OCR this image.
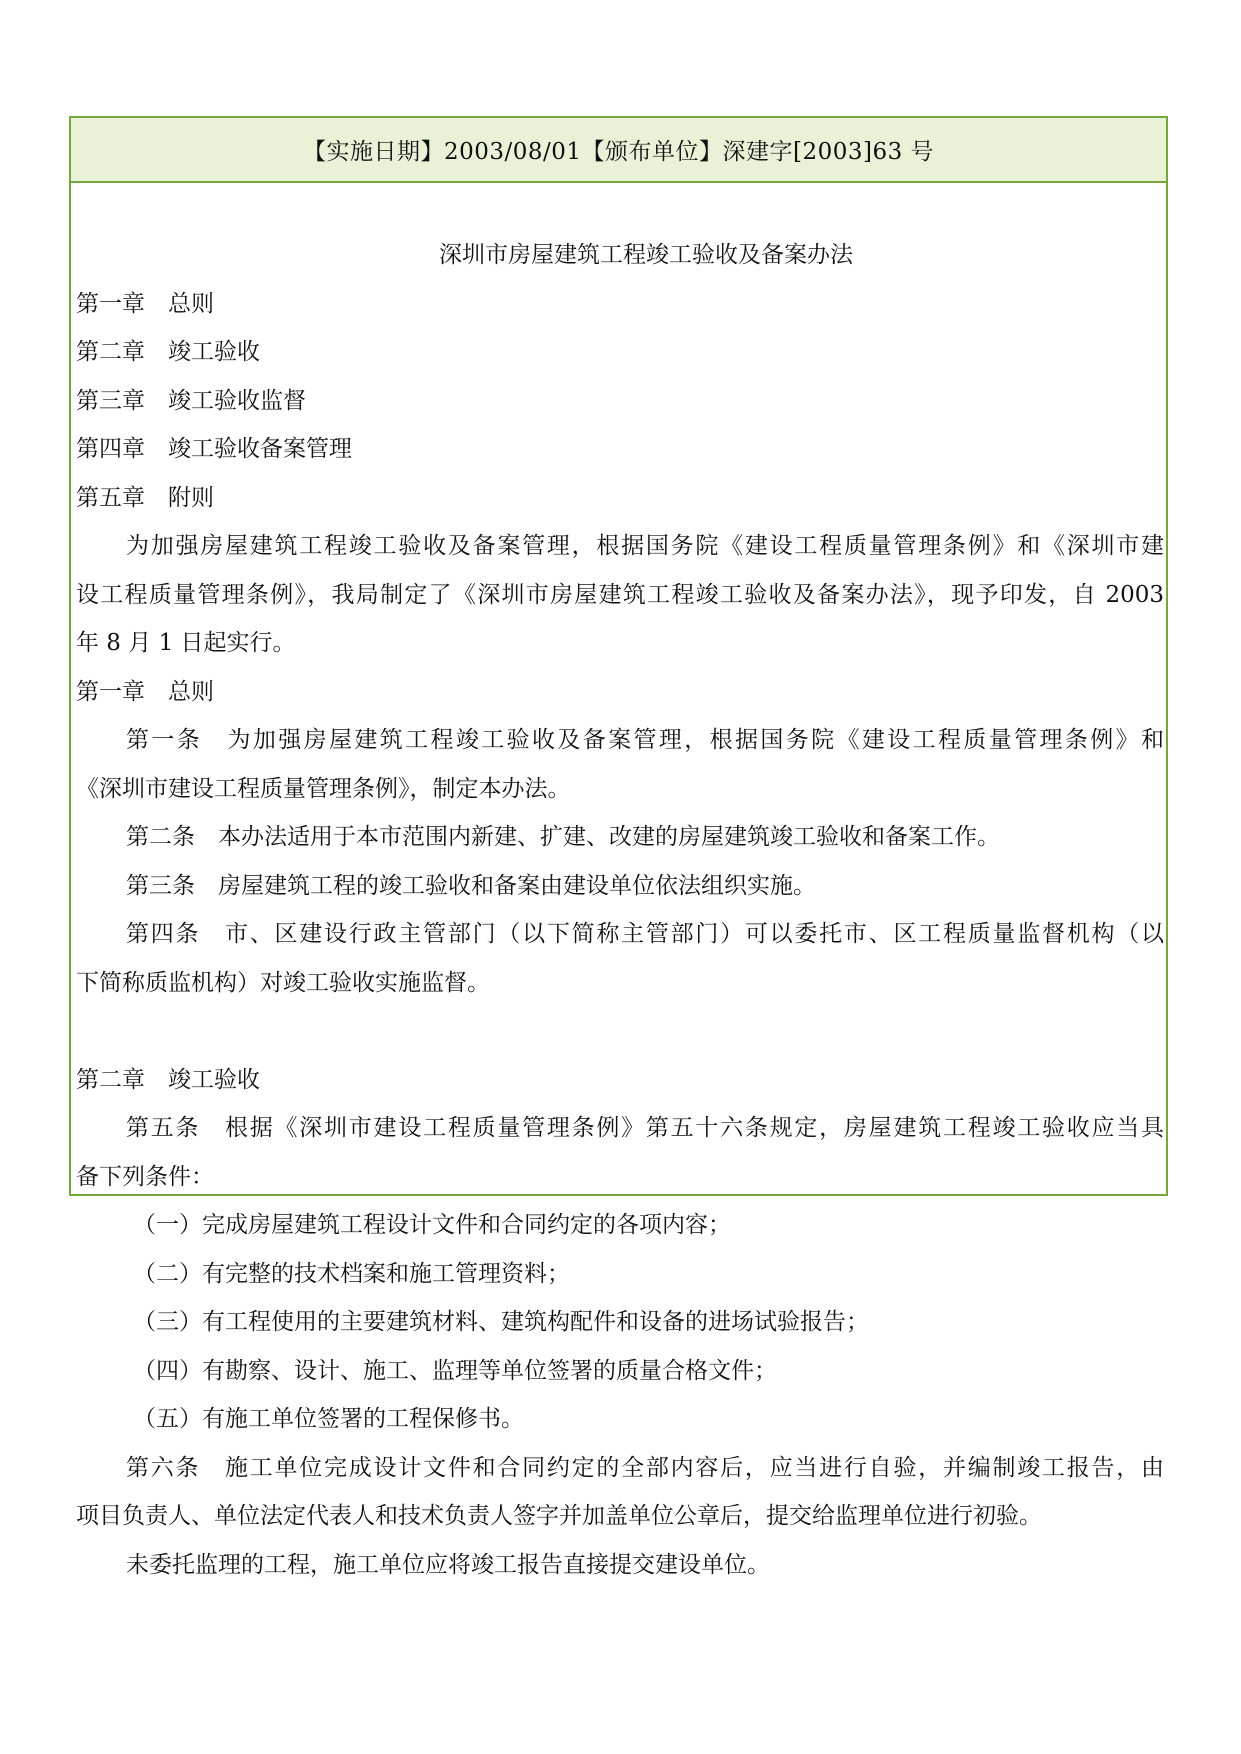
【实施日期】2003/08/01【颁布单位】深建字[2003]63 号
深圳市房屋建筑工程竣工验收及备案办法
第一章　总则
第二章　竣工验收
第三章　竣工验收监督
第四章　竣工验收备案管理
第五章　附则
为加强房屋建筑工程竣工验收及备案管理，根据国务院《建设工程质量管理条例》和《深圳市建
设工程质量管理条例》，我局制定了《深圳市房屋建筑工程竣工验收及备案办法》，现予印发，自 2003
年 8 月 1 日起实行。
第一章　总则
第一条　为加强房屋建筑工程竣工验收及备案管理，根据国务院《建设工程质量管理条例》和
《深圳市建设工程质量管理条例》，制定本办法。
第二条　本办法适用于本市范围内新建、扩建、改建的房屋建筑竣工验收和备案工作。
第三条　房屋建筑工程的竣工验收和备案由建设单位依法组织实施。
第四条　市、区建设行政主管部门（以下简称主管部门）可以委托市、区工程质量监督机构（以
下简称质监机构）对竣工验收实施监督。
第二章　竣工验收
第五条　根据《深圳市建设工程质量管理条例》第五十六条规定，房屋建筑工程竣工验收应当具
备下列条件：
（一）完成房屋建筑工程设计文件和合同约定的各项内容；
（二）有完整的技术档案和施工管理资料；
（三）有工程使用的主要建筑材料、建筑构配件和设备的进场试验报告；
（四）有勘察、设计、施工、监理等单位签署的质量合格文件；
（五）有施工单位签署的工程保修书。
第六条　施工单位完成设计文件和合同约定的全部内容后，应当进行自验，并编制竣工报告，由
项目负责人、单位法定代表人和技术负责人签字并加盖单位公章后，提交给监理单位进行初验。
未委托监理的工程，施工单位应将竣工报告直接提交建设单位。
